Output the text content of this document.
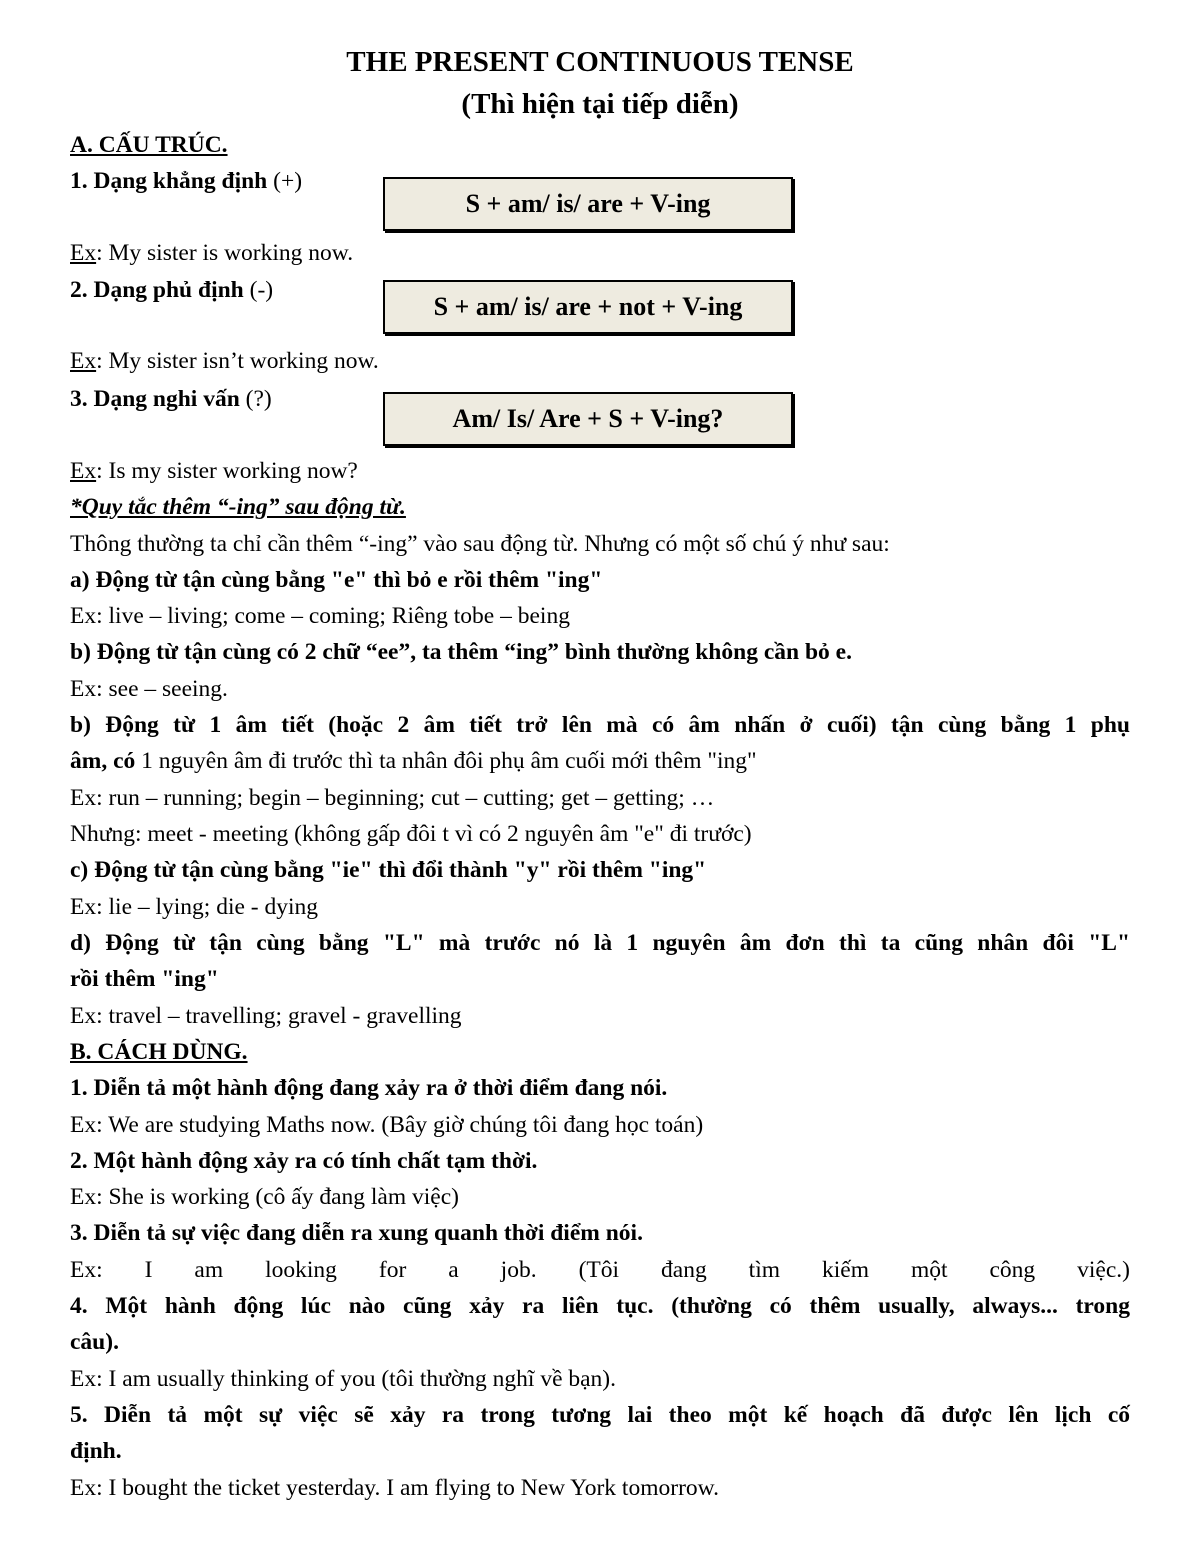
THE PRESENT CONTINUOUS TENSE
(Thì hiện tại tiếp diễn)
A. CẤU TRÚC.
1. Dạng khẳng định (+)
S + am/ is/ are + V-ing
Ex: My sister is working now.
2. Dạng phủ định (-)
S + am/ is/ are + not + V-ing
Ex: My sister isn’t working now.
3. Dạng nghi vấn (?)
Am/ Is/ Are + S + V-ing?
Ex: Is my sister working now?
*Quy tắc thêm “-ing” sau động từ.
Thông thường ta chỉ cần thêm “-ing” vào sau động từ. Nhưng có một số chú ý như sau:
a) Động từ tận cùng bằng "e" thì bỏ e rồi thêm "ing"
Ex: live – living; come – coming; Riêng tobe – being
b) Động từ tận cùng có 2 chữ “ee”, ta thêm “ing” bình thường không cần bỏ e.
Ex: see – seeing.
b) Động từ 1 âm tiết (hoặc 2 âm tiết trở lên mà có âm nhấn ở cuối) tận cùng bằng 1 phụ
âm, có 1 nguyên âm đi trước thì ta nhân đôi phụ âm cuối mới thêm "ing"
Ex: run – running; begin – beginning; cut – cutting; get – getting; …
Nhưng: meet - meeting (không gấp đôi t vì có 2 nguyên âm "e" đi trước)
c) Động từ tận cùng bằng "ie" thì đổi thành "y" rồi thêm "ing"
Ex: lie – lying; die - dying
d) Động từ tận cùng bằng "L" mà trước nó là 1 nguyên âm đơn thì ta cũng nhân đôi "L"
rồi thêm "ing"
Ex: travel – travelling; gravel - gravelling
B. CÁCH DÙNG.
1. Diễn tả một hành động đang xảy ra ở thời điểm đang nói.
Ex: We are studying Maths now. (Bây giờ chúng tôi đang học toán)
2. Một hành động xảy ra có tính chất tạm thời.
Ex: She is working (cô ấy đang làm việc)
3. Diễn tả sự việc đang diễn ra xung quanh thời điểm nói.
Ex: I am looking for a job. (Tôi đang tìm kiếm một công việc.)
4. Một hành động lúc nào cũng xảy ra liên tục. (thường có thêm usually, always... trong
câu).
Ex: I am usually thinking of you (tôi thường nghĩ về bạn).
5. Diễn tả một sự việc sẽ xảy ra trong tương lai theo một kế hoạch đã được lên lịch cố
định.
Ex: I bought the ticket yesterday. I am flying to New York tomorrow.
